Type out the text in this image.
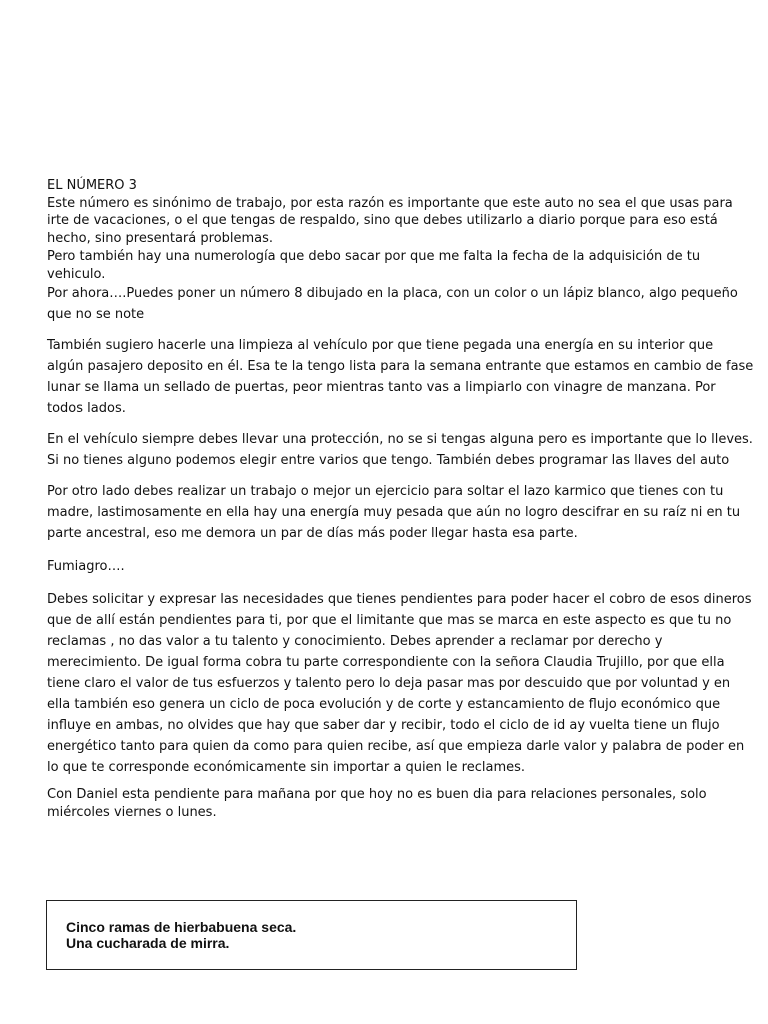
EL NÚMERO 3
Este número es sinónimo de trabajo, por esta razón es importante que este auto no sea el que usas para
irte de vacaciones, o el que tengas de respaldo, sino que debes utilizarlo a diario porque para eso está
hecho, sino presentará problemas.
Pero también hay una numerología que debo sacar por que me falta la fecha de la adquisición de tu
vehiculo.
Por ahora….Puedes poner un número 8 dibujado en la placa, con un color o un lápiz blanco, algo pequeño
que no se note
También sugiero hacerle una limpieza al vehículo por que tiene pegada una energía en su interior que
algún pasajero deposito en él. Esa te la tengo lista para la semana entrante que estamos en cambio de fase
lunar se llama un sellado de puertas, peor mientras tanto vas a limpiarlo con vinagre de manzana. Por
todos lados.
En el vehículo siempre debes llevar una protección, no se si tengas alguna pero es importante que lo lleves.
Si no tienes alguno podemos elegir entre varios que tengo. También debes programar las llaves del auto
Por otro lado debes realizar un trabajo o mejor un ejercicio para soltar el lazo karmico que tienes con tu
madre, lastimosamente en ella hay una energía muy pesada que aún no logro descifrar en su raíz ni en tu
parte ancestral, eso me demora un par de días más poder llegar hasta esa parte.
Fumiagro….
Debes solicitar y expresar las necesidades que tienes pendientes para poder hacer el cobro de esos dineros
que de allí están pendientes para ti, por que el limitante que mas se marca en este aspecto es que tu no
reclamas , no das valor a tu talento y conocimiento. Debes aprender a reclamar por derecho y
merecimiento. De igual forma cobra tu parte correspondiente con la señora Claudia Trujillo, por que ella
tiene claro el valor de tus esfuerzos y talento pero lo deja pasar mas por descuido que por voluntad y en
ella también eso genera un ciclo de poca evolución y de corte y estancamiento de flujo económico que
influye en ambas, no olvides que hay que saber dar y recibir, todo el ciclo de id ay vuelta tiene un flujo
energético tanto para quien da como para quien recibe, así que empieza darle valor y palabra de poder en
lo que te corresponde económicamente sin importar a quien le reclames.
Con Daniel esta pendiente para mañana por que hoy no es buen dia para relaciones personales, solo
miércoles viernes o lunes.
Cinco ramas de hierbabuena seca.
Una cucharada de mirra.
